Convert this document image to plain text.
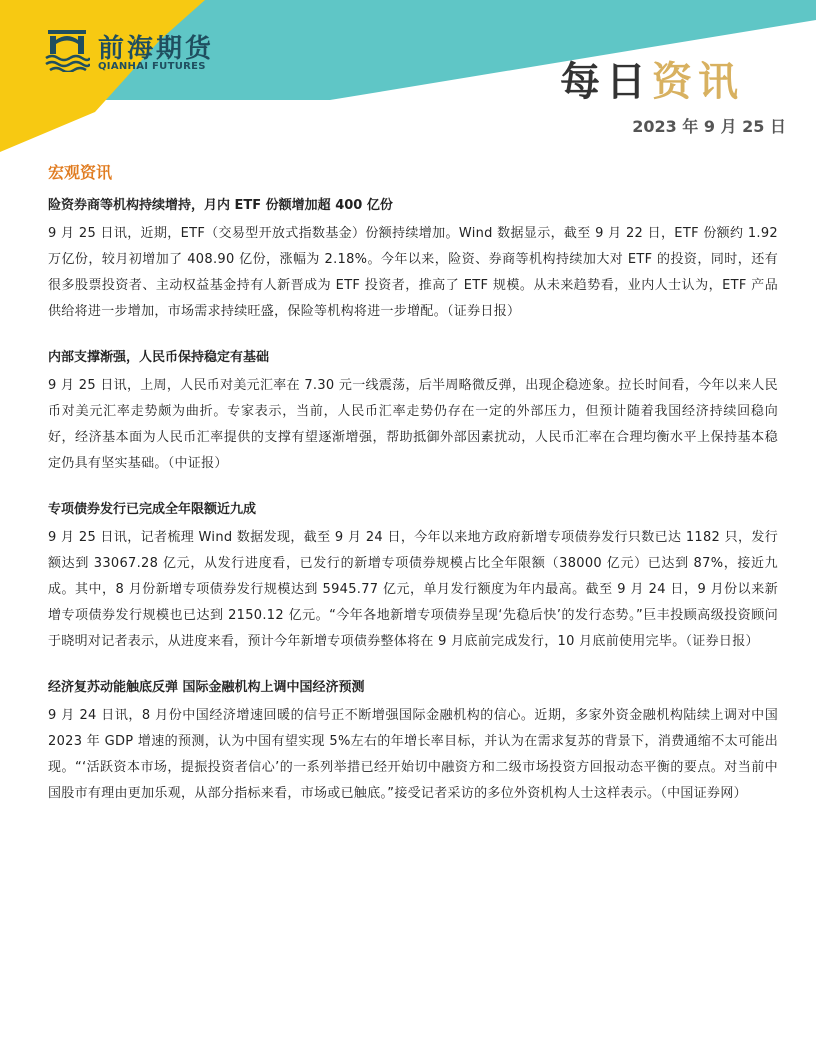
前海期货
QIANHAI FUTURES	每日资讯
2023 年 9 月 25 日
宏观资讯
险资券商等机构持续增持，月内 ETF 份额增加超 400 亿份
9 月 25 日讯，近期，ETF（交易型开放式指数基金）份额持续增加。Wind 数据显示，截至 9 月 22 日，ETF 份额约 1.92 万亿份，较月初增加了 408.90 亿份，涨幅为 2.18%。今年以来，险资、券商等机构持续加大对 ETF 的投资，同时，还有很多股票投资者、主动权益基金持有人新晋成为 ETF 投资者，推高了 ETF 规模。从未来趋势看，业内人士认为，ETF 产品供给将进一步增加，市场需求持续旺盛，保险等机构将进一步增配。（证券日报）
内部支撑渐强，人民币保持稳定有基础
9 月 25 日讯，上周，人民币对美元汇率在 7.30 元一线震荡，后半周略微反弹，出现企稳迹象。拉长时间看，今年以来人民币对美元汇率走势颇为曲折。专家表示，当前，人民币汇率走势仍存在一定的外部压力，但预计随着我国经济持续回稳向好，经济基本面为人民币汇率提供的支撑有望逐渐增强，帮助抵御外部因素扰动，人民币汇率在合理均衡水平上保持基本稳定仍具有坚实基础。（中证报）
专项债券发行已完成全年限额近九成
9 月 25 日讯，记者梳理 Wind 数据发现，截至 9 月 24 日，今年以来地方政府新增专项债券发行只数已达 1182 只，发行额达到 33067.28 亿元，从发行进度看，已发行的新增专项债券规模占比全年限额（38000 亿元）已达到 87%，接近九成。其中，8 月份新增专项债券发行规模达到 5945.77 亿元，单月发行额度为年内最高。截至 9 月 24 日，9 月份以来新增专项债券发行规模也已达到 2150.12 亿元。“今年各地新增专项债券呈现‘先稳后快’的发行态势。”巨丰投顾高级投资顾问于晓明对记者表示，从进度来看，预计今年新增专项债券整体将在 9 月底前完成发行，10 月底前使用完毕。（证券日报）
经济复苏动能触底反弹 国际金融机构上调中国经济预测
9 月 24 日讯，8 月份中国经济增速回暖的信号正不断增强国际金融机构的信心。近期，多家外资金融机构陆续上调对中国 2023 年 GDP 增速的预测，认为中国有望实现 5%左右的年增长率目标，并认为在需求复苏的背景下，消费通缩不太可能出现。“‘活跃资本市场，提振投资者信心’的一系列举措已经开始切中融资方和二级市场投资方回报动态平衡的要点。对当前中国股市有理由更加乐观，从部分指标来看，市场或已触底。”接受记者采访的多位外资机构人士这样表示。（中国证券网）
